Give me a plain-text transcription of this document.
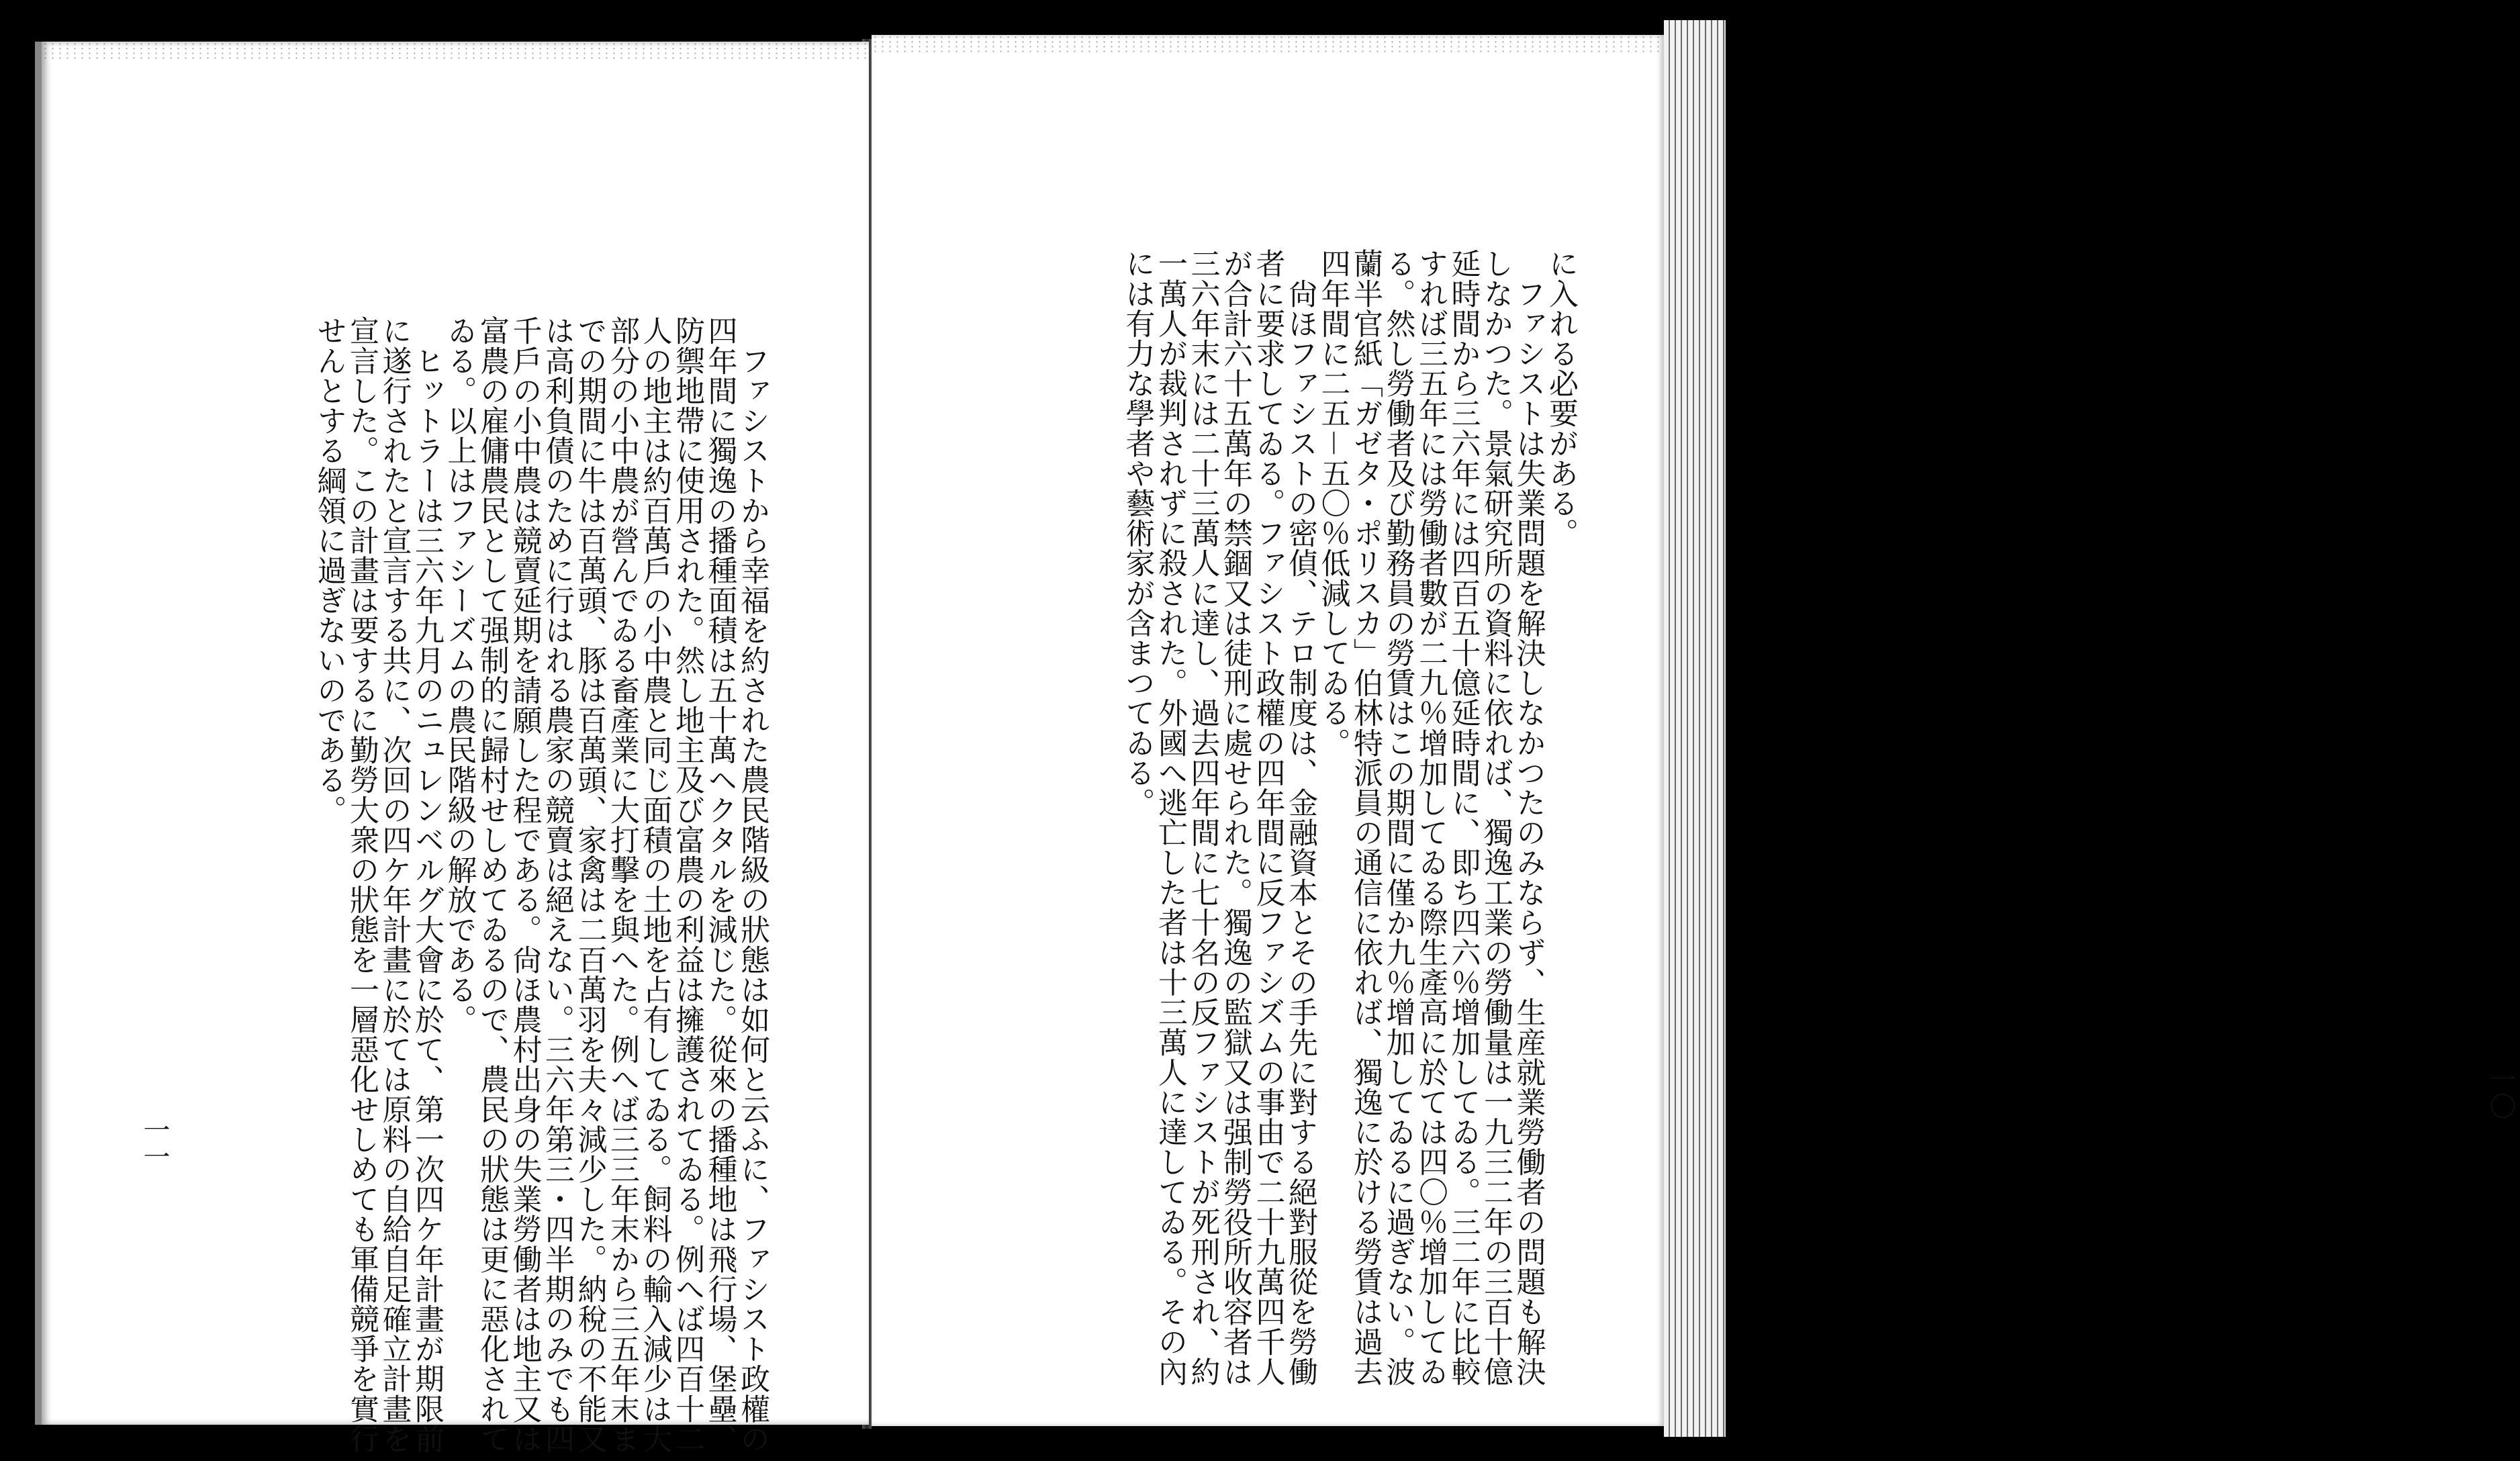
　ファシストから幸福を約された農民階級の狀態は如何と云ふに、ファシスト政權の
四年間に獨逸の播種面積は五十萬ヘクタルを減じた。從來の播種地は飛行場、堡壘、
防禦地帶に使用された。然し地主及び富農の利益は擁護されてゐる。例へば四百十二
人の地主は約百萬戶の小中農と同じ面積の土地を占有してゐる。飼料の輸入減少は大
部分の小中農が營んでゐる畜產業に大打擊を與へた。例へば三三年末から三五年末ま
での期間に牛は百萬頭、豚は百萬頭、家禽は二百萬羽を夫々減少した。納稅の不能又
は高利負債のために行はれる農家の競賣は絕えない。三六年第三・四半期のみでも四
千戶の小中農は競賣延期を請願した程である。尙ほ農村出身の失業勞働者は地主又は
富農の雇傭農民として强制的に歸村せしめてゐるので、農民の狀態は更に惡化されて
ゐる。以上はファシーズムの農民階級の解放である。
　ヒットラーは三六年九月のニュレンベルグ大會に於て、第一次四ケ年計畫が期限前
に遂行されたと宣言する共に、次回の四ケ年計畫に於ては原料の自給自足確立計畫を
宣言した。この計畫は要するに勤勞大衆の狀態を一層惡化せしめても軍備競爭を實行
せんとする綱領に過ぎないのである。
一一
に入れる必要がある。
　ファシストは失業問題を解決しなかつたのみならず、生産就業勞働者の問題も解決
しなかつた。景氣研究所の資料に依れば、獨逸工業の勞働量は一九三二年の三百十億
延時間から三六年には四百五十億延時間に、即ち四六％增加してゐる。三二年に比較
すれば三五年には勞働者數が二九％增加してゐる際生產高に於ては四〇％增加してゐ
る。然し勞働者及び勤務員の勞賃はこの期間に僅か九％增加してゐるに過ぎない。波
蘭半官紙「ガゼタ・ポリスカ」伯林特派員の通信に依れば、獨逸に於ける勞賃は過去
四年間に二五－五〇％低減してゐる。
　尙ほファシストの密偵、テロ制度は、金融資本とその手先に對する絕對服從を勞働
者に要求してゐる。ファシスト政權の四年間に反ファシズムの事由で二十九萬四千人
が合計六十五萬年の禁錮又は徒刑に處せられた。獨逸の監獄又は强制勞役所收容者は
三六年末には二十三萬人に達し、過去四年間に七十名の反ファシストが死刑され、約
一萬人が裁判されずに殺された。外國へ逃亡した者は十三萬人に達してゐる。その內
には有力な學者や藝術家が含まつてゐる。
一〇
